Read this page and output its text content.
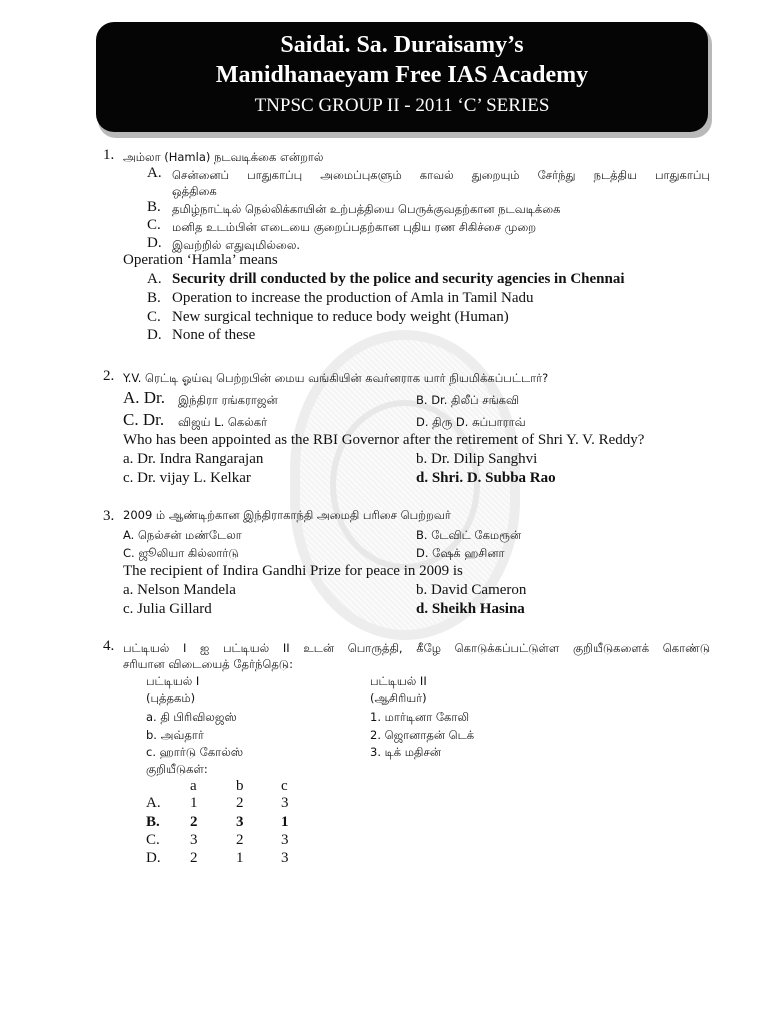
Saidai. Sa. Duraisamy’s
Manidhanaeyam Free IAS Academy
TNPSC GROUP II - 2011 ‘C’ SERIES
1. அம்லா (Hamla) நடவடிக்கை என்றால்
A. சென்னைப் பாதுகாப்பு அமைப்புகளும் காவல் துறையும் சேர்ந்து நடத்திய பாதுகாப்பு
ஒத்திகை
B. தமிழ்நாட்டில் நெல்லிக்காயின் உற்பத்தியை பெருக்குவதற்கான நடவடிக்கை
C. மனித உடம்பின் எடையை குறைப்பதற்கான புதிய ரண சிகிச்சை முறை
D. இவற்றில் எதுவுமில்லை.
Operation ‘Hamla’ means
A. Security drill conducted by the police and security agencies in Chennai
B. Operation to increase the production of Amla in Tamil Nadu
C. New surgical technique to reduce body weight (Human)
D. None of these
2. Y.V. ரெட்டி ஓய்வு பெற்றபின் மைய வங்கியின் கவர்னராக யார் நியமிக்கப்பட்டார்?
A. Dr. இந்திரா ரங்கராஜன்	B. Dr. திலீப் சங்கவி
C. Dr. விஜய் L. கெல்கர்	D. திரு D. சுப்பாராவ்
Who has been appointed as the RBI Governor after the retirement of Shri Y. V. Reddy?
a. Dr. Indra Rangarajan	b. Dr. Dilip Sanghvi
c. Dr. vijay L. Kelkar	d. Shri. D. Subba Rao
3. 2009 ம் ஆண்டிற்கான இந்திராகாந்தி அமைதி பரிசை பெற்றவர்
A. நெல்சன் மண்டேலா	B. டேவிட் கேமரூன்
C. ஜூலியா கில்லார்டு	D. ஷேக் ஹசினா
The recipient of Indira Gandhi Prize for peace in 2009 is
a. Nelson Mandela	b. David Cameron
c. Julia Gillard	d. Sheikh Hasina
4. பட்டியல் I ஐ பட்டியல் II உடன் பொருத்தி, கீழே கொடுக்கப்பட்டுள்ள குறியீடுகளைக் கொண்டு
சரியான விடையைத் தேர்ந்தெடு:
பட்டியல் I	பட்டியல் II
(புத்தகம்)	(ஆசிரியர்)
a. தி பிரிவிலஜஸ்	1. மார்டினா கோலி
b. அவ்தார்	2. ஜொனாதன் டெக்
c. ஹார்டு கோல்ஸ்	3. டிக் மதிசன்
குறியீடுகள்:
a	b	c
A. 1	2	3
B. 2	3	1
C. 3	2	3
D. 2	1	3
